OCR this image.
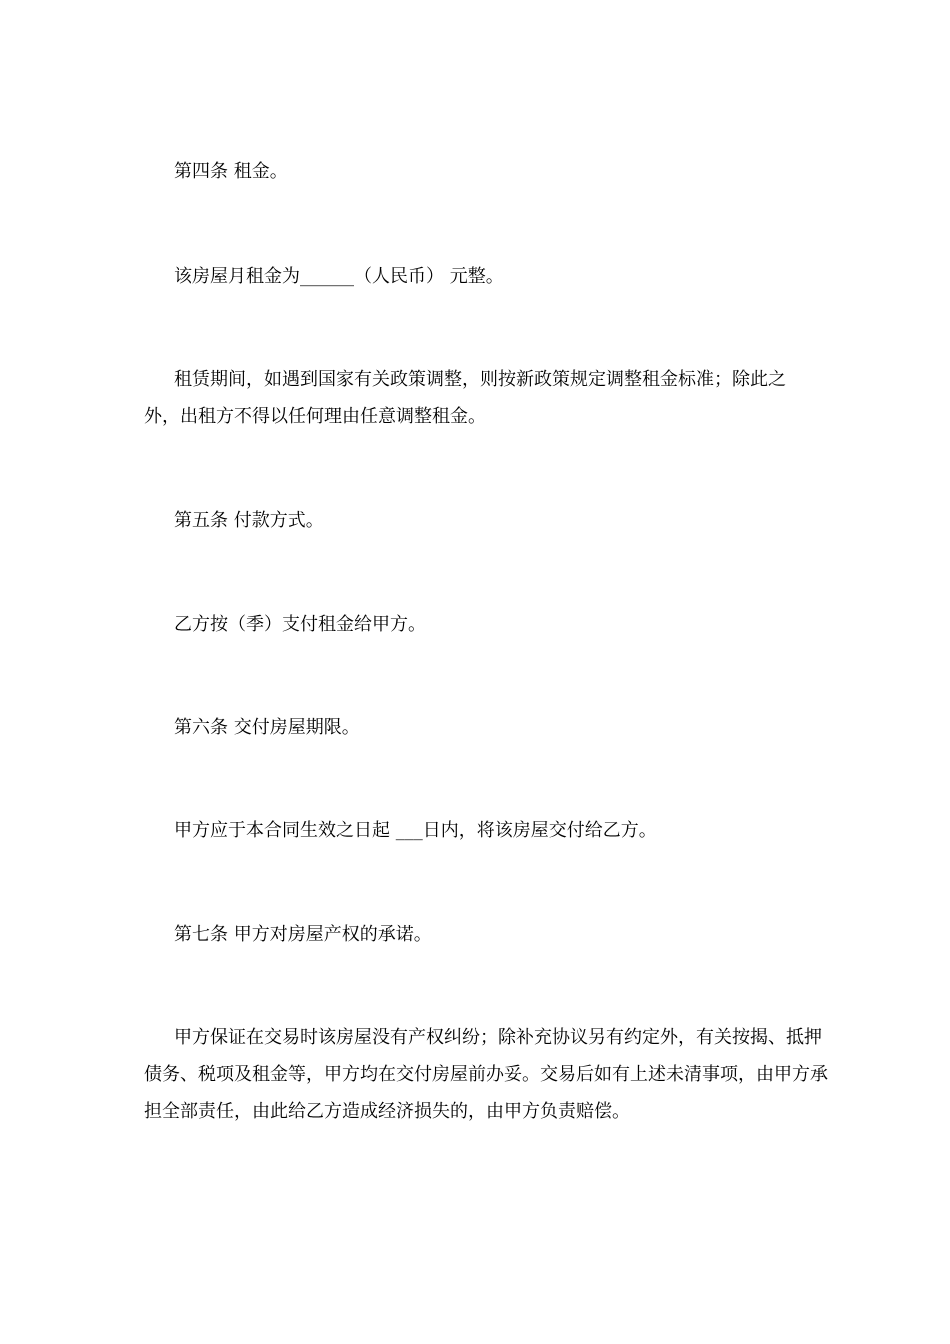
第四条 租金。

该房屋月租金为______（人民币） 元整。

租赁期间，如遇到国家有关政策调整，则按新政策规定调整租金标准；除此之外，出租方不得以任何理由任意调整租金。

第五条 付款方式。

乙方按（季）支付租金给甲方。

第六条 交付房屋期限。

甲方应于本合同生效之日起 ___日内，将该房屋交付给乙方。

第七条 甲方对房屋产权的承诺。

甲方保证在交易时该房屋没有产权纠纷；除补充协议另有约定外，有关按揭、抵押债务、税项及租金等，甲方均在交付房屋前办妥。交易后如有上述未清事项，由甲方承担全部责任，由此给乙方造成经济损失的，由甲方负责赔偿。
